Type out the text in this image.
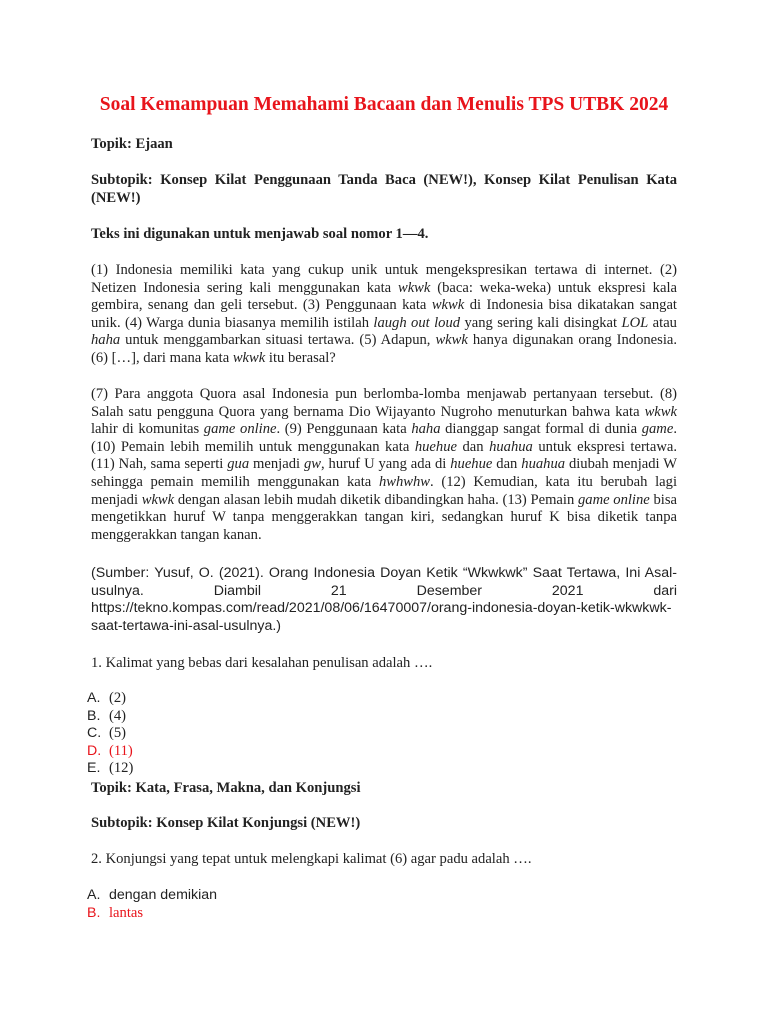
Soal Kemampuan Memahami Bacaan dan Menulis TPS UTBK 2024

Topik: Ejaan

Subtopik: Konsep Kilat Penggunaan Tanda Baca (NEW!), Konsep Kilat Penulisan Kata (NEW!)

Teks ini digunakan untuk menjawab soal nomor 1—4.

(1) Indonesia memiliki kata yang cukup unik untuk mengekspresikan tertawa di internet. (2) Netizen Indonesia sering kali menggunakan kata wkwk (baca: weka-weka) untuk ekspresi kala gembira, senang dan geli tersebut. (3) Penggunaan kata wkwk di Indonesia bisa dikatakan sangat unik. (4) Warga dunia biasanya memilih istilah laugh out loud yang sering kali disingkat LOL atau haha untuk menggambarkan situasi tertawa. (5) Adapun, wkwk hanya digunakan orang Indonesia. (6) […], dari mana kata wkwk itu berasal?

(7) Para anggota Quora asal Indonesia pun berlomba-lomba menjawab pertanyaan tersebut. (8) Salah satu pengguna Quora yang bernama Dio Wijayanto Nugroho menuturkan bahwa kata wkwk lahir di komunitas game online. (9) Penggunaan kata haha dianggap sangat formal di dunia game. (10) Pemain lebih memilih untuk menggunakan kata huehue dan huahua untuk ekspresi tertawa. (11) Nah, sama seperti gua menjadi gw, huruf U yang ada di huehue dan huahua diubah menjadi W sehingga pemain memilih menggunakan kata hwhwhw. (12) Kemudian, kata itu berubah lagi menjadi wkwk dengan alasan lebih mudah diketik dibandingkan haha. (13) Pemain game online bisa mengetikkan huruf W tanpa menggerakkan tangan kiri, sedangkan huruf K bisa diketik tanpa menggerakkan tangan kanan.

(Sumber: Yusuf, O. (2021). Orang Indonesia Doyan Ketik “Wkwkwk” Saat Tertawa, Ini Asal-usulnya. Diambil 21 Desember 2021 dari https://tekno.kompas.com/read/2021/08/06/16470007/orang-indonesia-doyan-ketik-wkwkwk-saat-tertawa-ini-asal-usulnya.)

1. Kalimat yang bebas dari kesalahan penulisan adalah ….

A. (2)
B. (4)
C. (5)
D. (11)
E. (12)

Topik: Kata, Frasa, Makna, dan Konjungsi

Subtopik: Konsep Kilat Konjungsi (NEW!)

2. Konjungsi yang tepat untuk melengkapi kalimat (6) agar padu adalah ….

A. dengan demikian
B. lantas
